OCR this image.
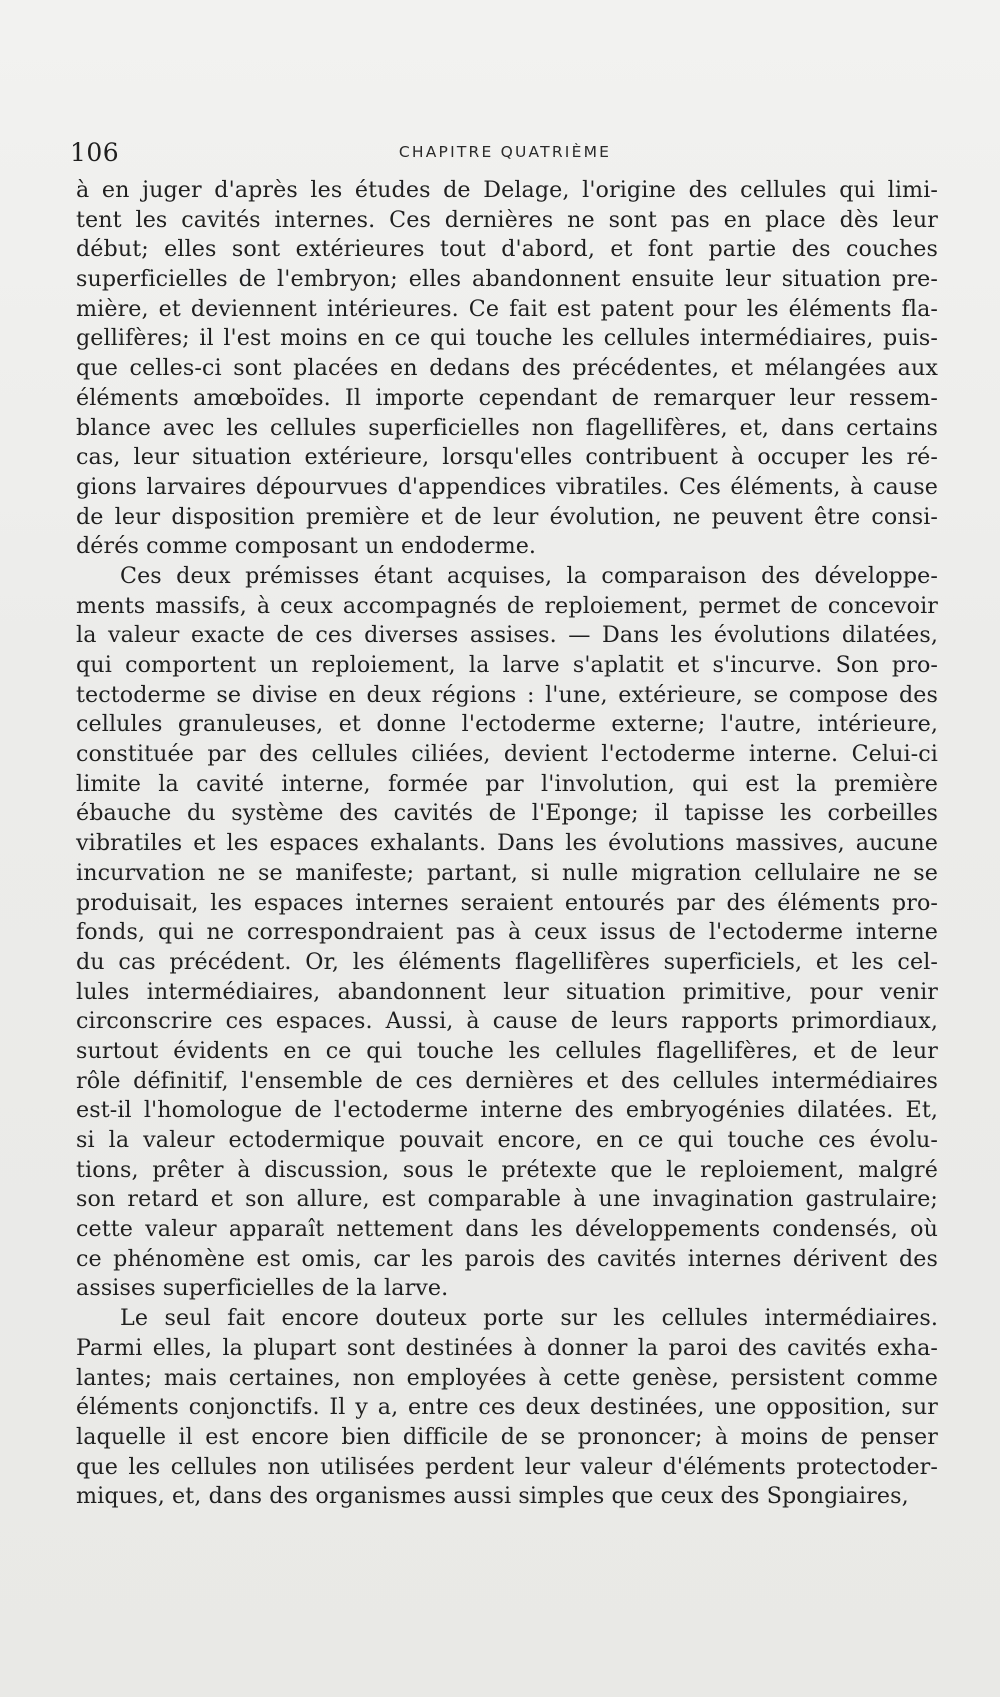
106	CHAPITRE QUATRIÈME
à en juger d'après les études de Delage, l'origine des cellules qui limi-
tent les cavités internes. Ces dernières ne sont pas en place dès leur
début; elles sont extérieures tout d'abord, et font partie des couches
superficielles de l'embryon; elles abandonnent ensuite leur situation pre-
mière, et deviennent intérieures. Ce fait est patent pour les éléments fla-
gellifères; il l'est moins en ce qui touche les cellules intermédiaires, puis-
que celles-ci sont placées en dedans des précédentes, et mélangées aux
éléments amœboïdes. Il importe cependant de remarquer leur ressem-
blance avec les cellules superficielles non flagellifères, et, dans certains
cas, leur situation extérieure, lorsqu'elles contribuent à occuper les ré-
gions larvaires dépourvues d'appendices vibratiles. Ces éléments, à cause
de leur disposition première et de leur évolution, ne peuvent être consi-
dérés comme composant un endoderme.
Ces deux prémisses étant acquises, la comparaison des développe-
ments massifs, à ceux accompagnés de reploiement, permet de concevoir
la valeur exacte de ces diverses assises. — Dans les évolutions dilatées,
qui comportent un reploiement, la larve s'aplatit et s'incurve. Son pro-
tectoderme se divise en deux régions : l'une, extérieure, se compose des
cellules granuleuses, et donne l'ectoderme externe; l'autre, intérieure,
constituée par des cellules ciliées, devient l'ectoderme interne. Celui-ci
limite la cavité interne, formée par l'involution, qui est la première
ébauche du système des cavités de l'Eponge; il tapisse les corbeilles
vibratiles et les espaces exhalants. Dans les évolutions massives, aucune
incurvation ne se manifeste; partant, si nulle migration cellulaire ne se
produisait, les espaces internes seraient entourés par des éléments pro-
fonds, qui ne correspondraient pas à ceux issus de l'ectoderme interne
du cas précédent. Or, les éléments flagellifères superficiels, et les cel-
lules intermédiaires, abandonnent leur situation primitive, pour venir
circonscrire ces espaces. Aussi, à cause de leurs rapports primordiaux,
surtout évidents en ce qui touche les cellules flagellifères, et de leur
rôle définitif, l'ensemble de ces dernières et des cellules intermédiaires
est-il l'homologue de l'ectoderme interne des embryogénies dilatées. Et,
si la valeur ectodermique pouvait encore, en ce qui touche ces évolu-
tions, prêter à discussion, sous le prétexte que le reploiement, malgré
son retard et son allure, est comparable à une invagination gastrulaire;
cette valeur apparaît nettement dans les développements condensés, où
ce phénomène est omis, car les parois des cavités internes dérivent des
assises superficielles de la larve.
Le seul fait encore douteux porte sur les cellules intermédiaires.
Parmi elles, la plupart sont destinées à donner la paroi des cavités exha-
lantes; mais certaines, non employées à cette genèse, persistent comme
éléments conjonctifs. Il y a, entre ces deux destinées, une opposition, sur
laquelle il est encore bien difficile de se prononcer; à moins de penser
que les cellules non utilisées perdent leur valeur d'éléments protectoder-
miques, et, dans des organismes aussi simples que ceux des Spongiaires,
